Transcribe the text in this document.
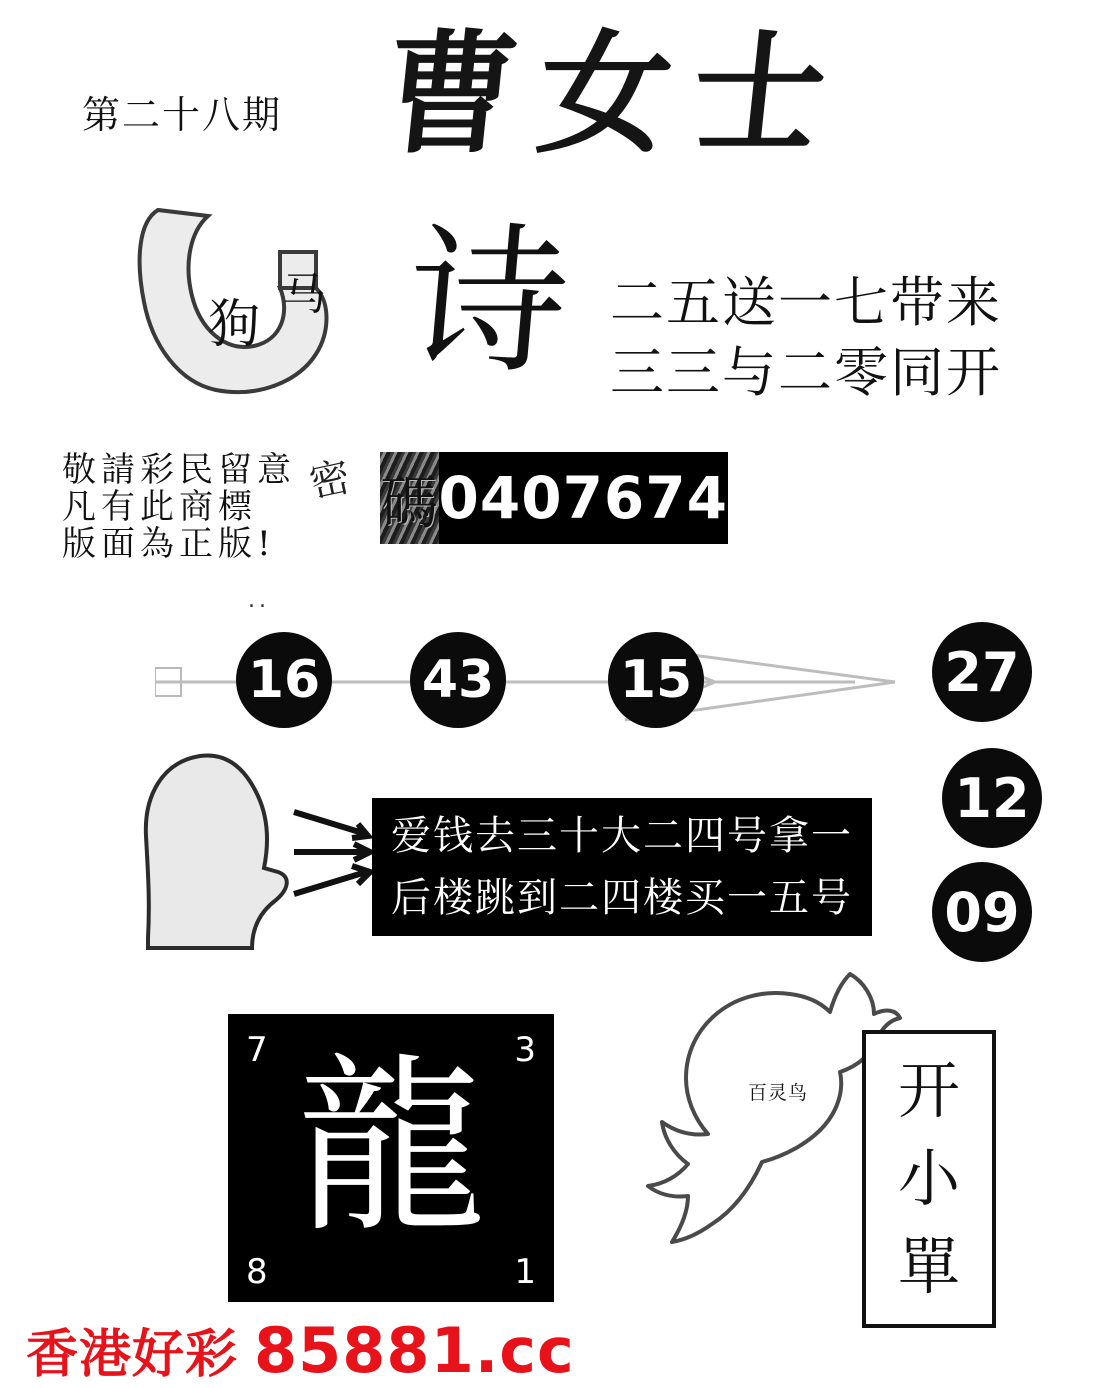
第二十八期 曹女士
狗
马 诗 二五送一七带来
三三与二零同开
敬請彩民留意
凡有此商標
版面為正版!
密
..
碼 0407674
16 43 15	27
12
09
爱钱去三十大二四号拿一
后楼跳到二四楼买一五号
7	3
8	1
龍	百灵鸟 开
小
單
香港好彩 85881.cc
